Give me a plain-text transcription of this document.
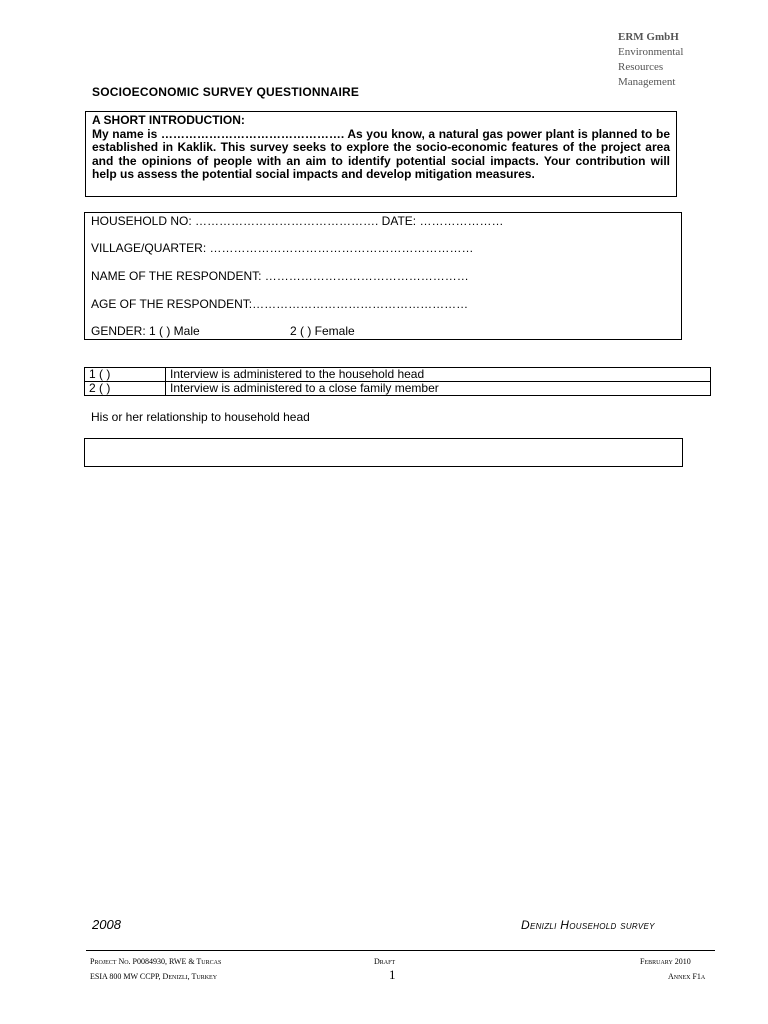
ERM GmbH
Environmental
Resources
Management
SOCIOECONOMIC SURVEY QUESTIONNAIRE
A SHORT INTRODUCTION:
My name is ………………………………………. As you know, a natural gas power plant is planned to be established in Kaklik. This survey seeks to explore the socio-economic features of the project area and the opinions of people with an aim to identify potential social impacts. Your contribution will help us assess the potential social impacts and develop mitigation measures.
HOUSEHOLD NO: ………………………………………. DATE: …………………
VILLAGE/QUARTER: …………………………………………………………
NAME OF THE RESPONDENT: ……………………………………………
AGE OF THE RESPONDENT:………………………………………………
GENDER: 1 ( ) Male	2 ( ) Female
1 ( )	Interview is administered to the household head
2 ( )	Interview is administered to a close family member
His or her relationship to household head
2008	Denizli Household survey
Project No. P0084930, RWE & Turcas	Draft	February 2010
ESIA 800 MW CCPP, Denizli, Turkey	1	Annex F1a
